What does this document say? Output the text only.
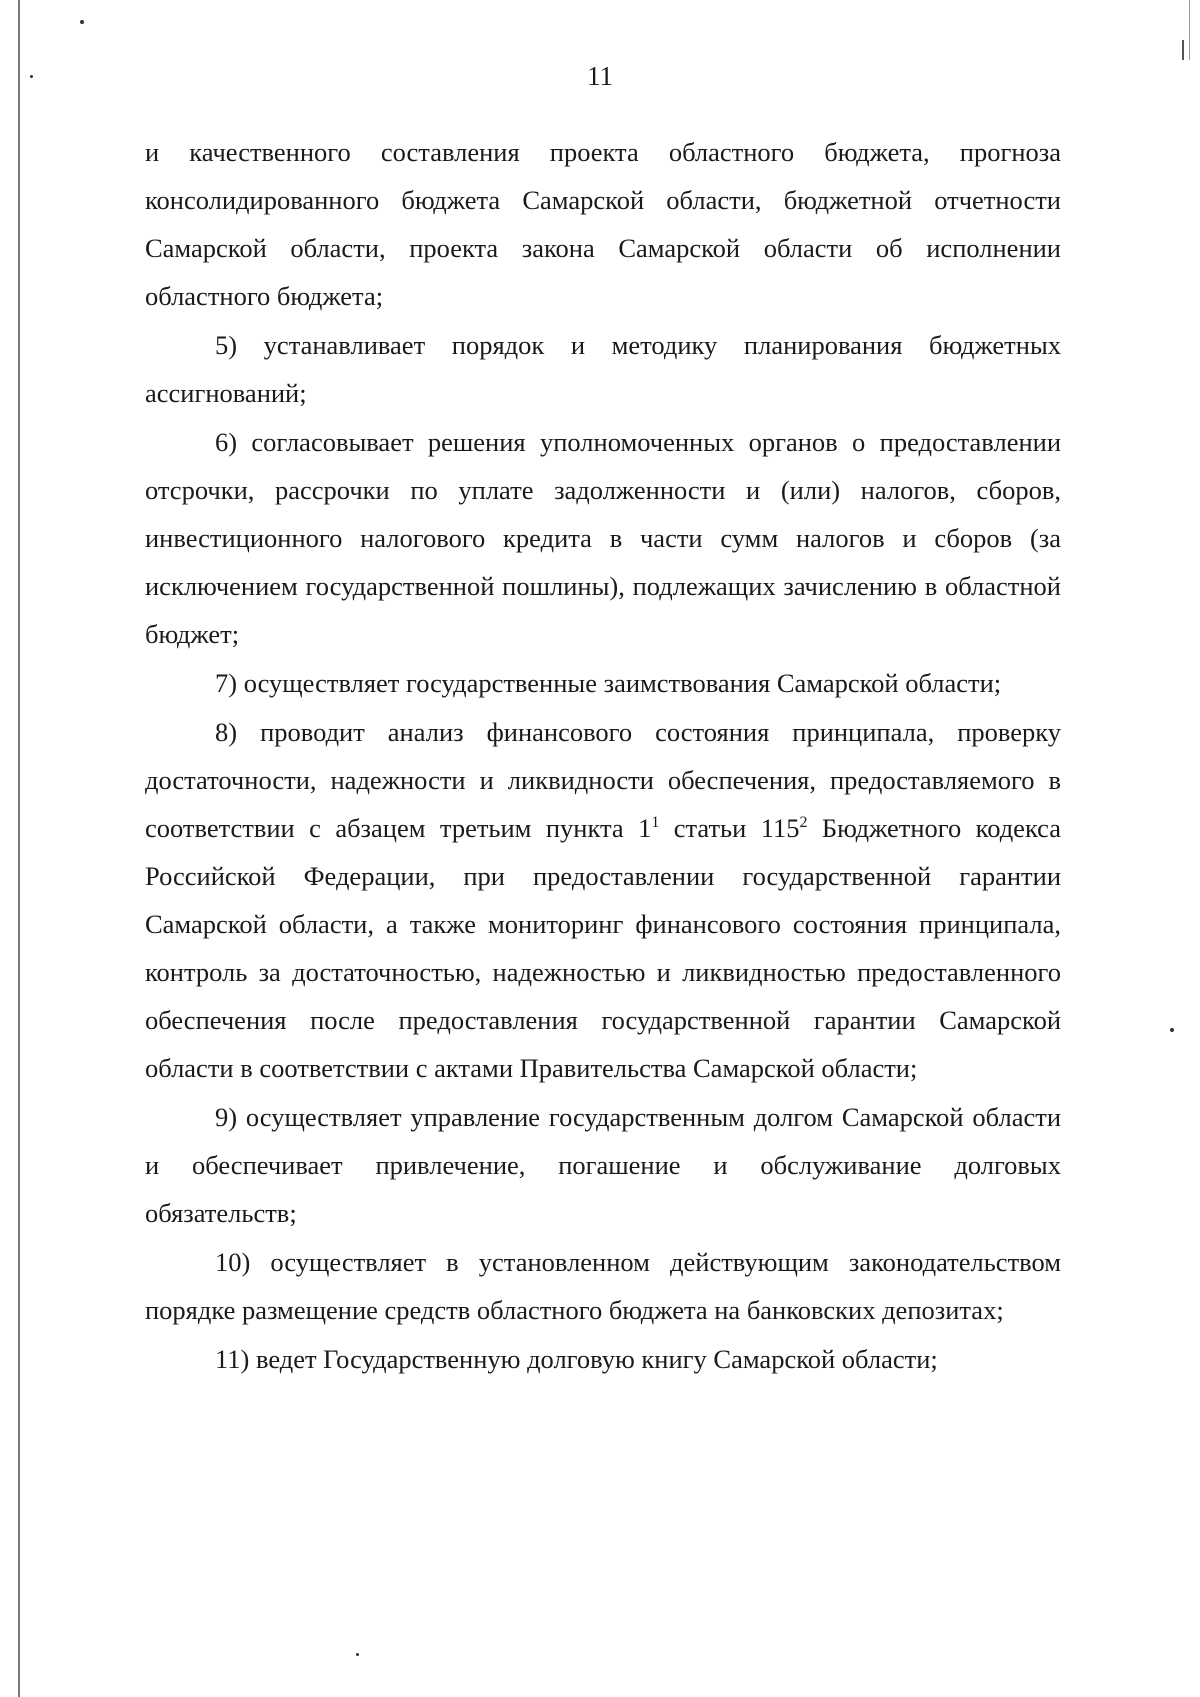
11

и качественного составления проекта областного бюджета, прогноза консолидированного бюджета Самарской области, бюджетной отчетности Самарской области, проекта закона Самарской области об исполнении областного бюджета;

5) устанавливает порядок и методику планирования бюджетных ассигнований;

6) согласовывает решения уполномоченных органов о предоставлении отсрочки, рассрочки по уплате задолженности и (или) налогов, сборов, инвестиционного налогового кредита в части сумм налогов и сборов (за исключением государственной пошлины), подлежащих зачислению в областной бюджет;

7) осуществляет государственные заимствования Самарской области;

8) проводит анализ финансового состояния принципала, проверку достаточности, надежности и ликвидности обеспечения, предоставляемого в соответствии с абзацем третьим пункта $1^1$ статьи $115^2$ Бюджетного кодекса Российской Федерации, при предоставлении государственной гарантии Самарской области, а также мониторинг финансового состояния принципала, контроль за достаточностью, надежностью и ликвидностью предоставленного обеспечения после предоставления государственной гарантии Самарской области в соответствии с актами Правительства Самарской области;

9) осуществляет управление государственным долгом Самарской области и обеспечивает привлечение, погашение и обслуживание долговых обязательств;

10) осуществляет в установленном действующим законодательством порядке размещение средств областного бюджета на банковских депозитах;

11) ведет Государственную долговую книгу Самарской области;
